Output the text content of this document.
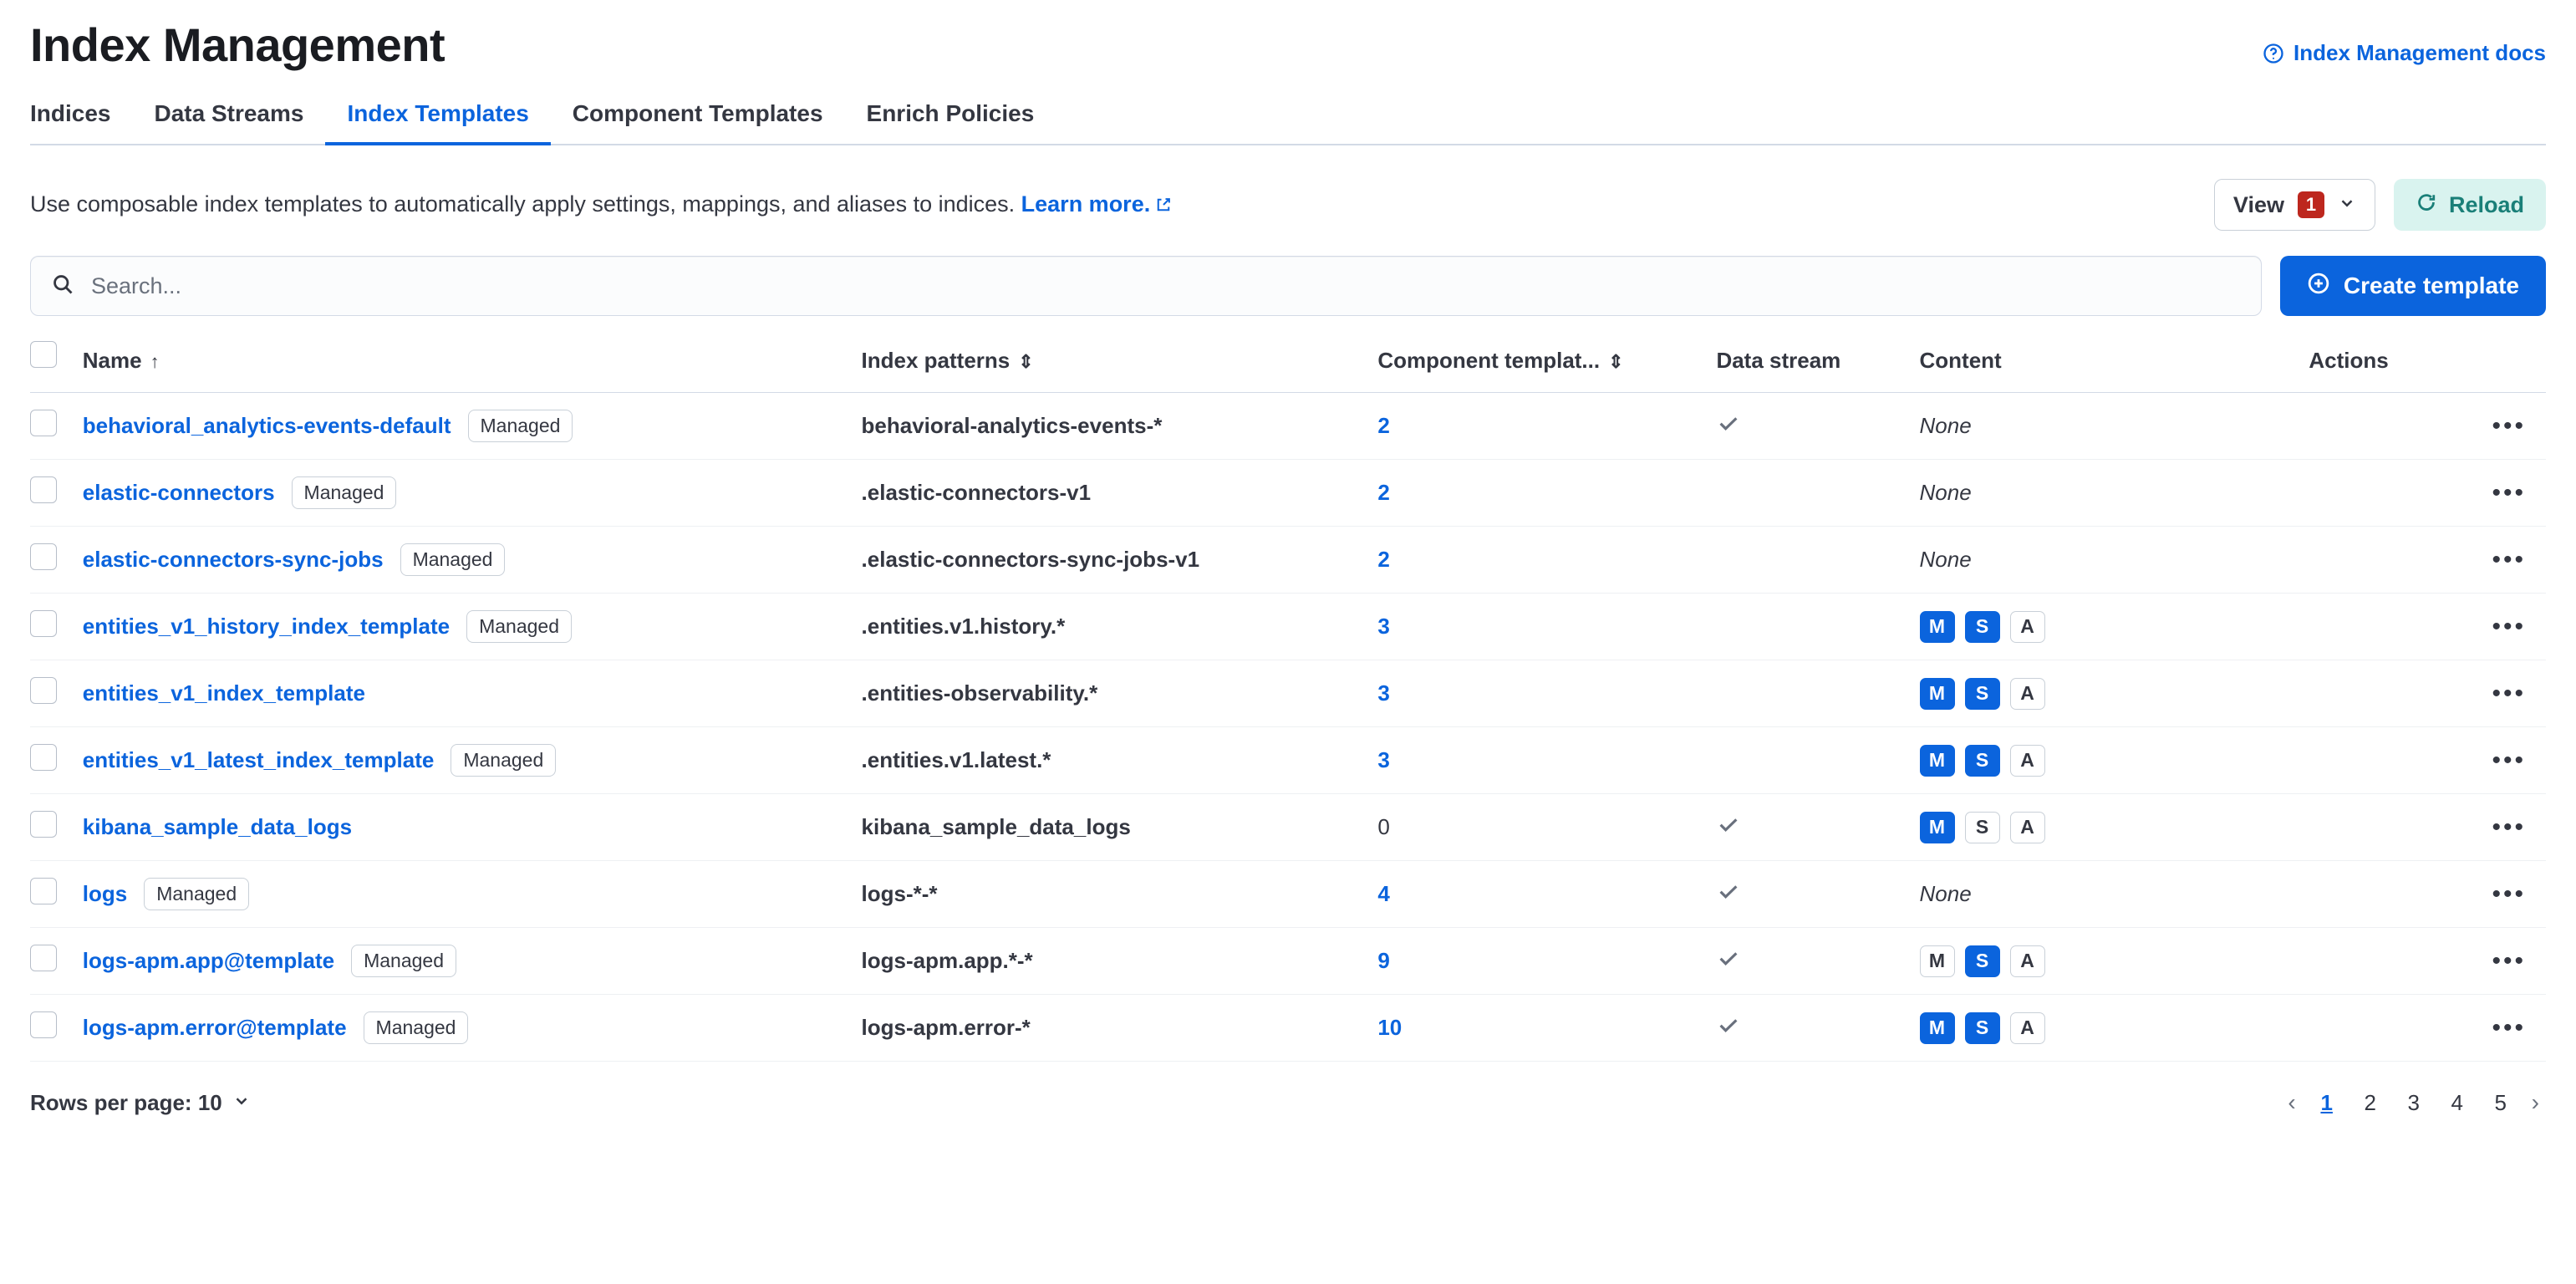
Index Management	Index Management docs
Indices	Data Streams	Index Templates	Component Templates	Enrich Policies
Use composable index templates to automatically apply settings, mappings, and aliases to indices. Learn more.	View	1	Reload
Search...
Create template
	Name ↑	Index patterns ⇕	Component templat... ⇕	Data stream	Content	Actions

	behavioral_analytics-events-default Managed	behavioral-analytics-events-*	2		None	•••

	elastic-connectors Managed	.elastic-connectors-v1	2		None	•••

	elastic-connectors-sync-jobs Managed	.elastic-connectors-sync-jobs-v1	2		None	•••

	entities_v1_history_index_template Managed	.entities.v1.history.*	3		M S A	•••

	entities_v1_index_template	.entities-observability.*	3		M S A	•••

	entities_v1_latest_index_template Managed	.entities.v1.latest.*	3		M S A	•••

	kibana_sample_data_logs	kibana_sample_data_logs	0		M S A	•••

	logs Managed	logs-*-*	4		None	•••

	logs-apm.app@template Managed	logs-apm.app.*-*	9		M S A	•••

	logs-apm.error@template Managed	logs-apm.error-*	10		M S A	•••
Rows per page: 10	‹	1	2	3	4	5	›
